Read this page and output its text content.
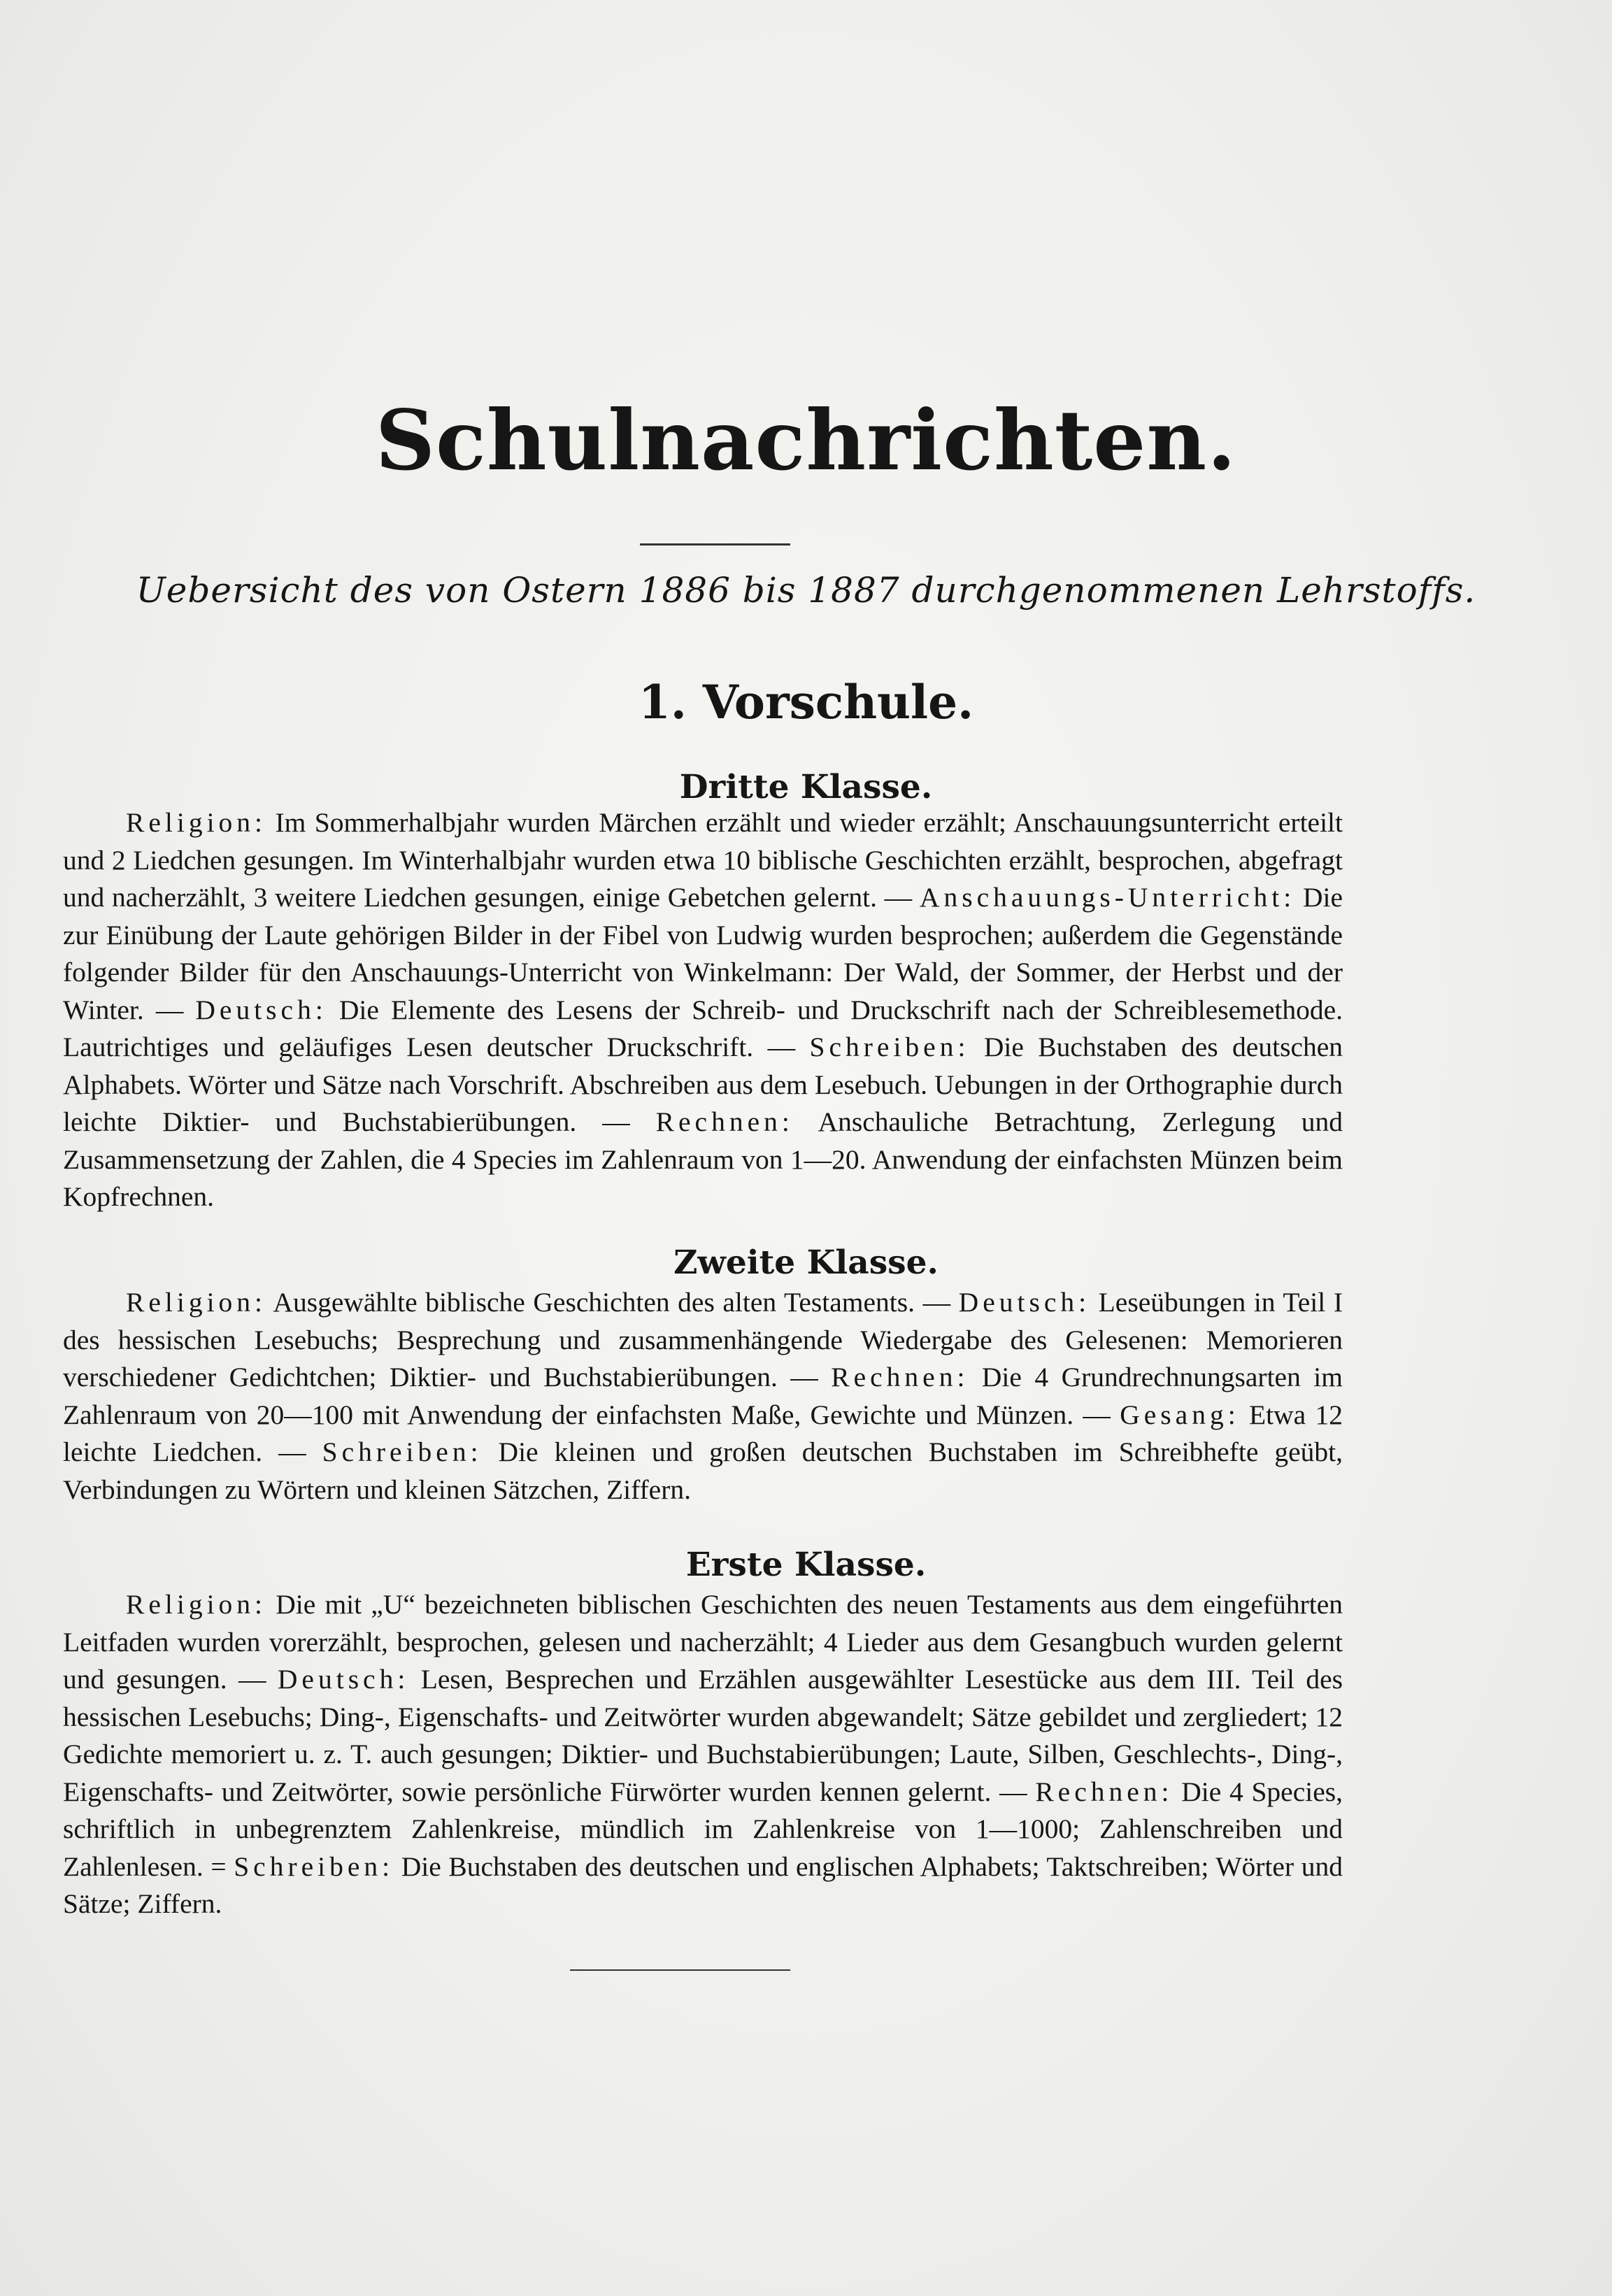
Schulnachrichten.
Uebersicht des von Ostern 1886 bis 1887 durchgenommenen Lehrstoffs.
1. Vorschule.
Dritte Klasse.
Religion: Im Sommerhalbjahr wurden Märchen erzählt und wieder erzählt; Anschauungsunterricht erteilt und 2 Liedchen gesungen. Im Winterhalbjahr wurden etwa 10 biblische Geschichten erzählt, besprochen, abgefragt und nacherzählt, 3 weitere Liedchen gesungen, einige Gebetchen gelernt. — Anschauungs-Unterricht: Die zur Einübung der Laute gehörigen Bilder in der Fibel von Ludwig wurden besprochen; außerdem die Gegenstände folgender Bilder für den Anschauungs-Unterricht von Winkelmann: Der Wald, der Sommer, der Herbst und der Winter. — Deutsch: Die Elemente des Lesens der Schreib- und Druckschrift nach der Schreiblesemethode. Lautrichtiges und geläufiges Lesen deutscher Druckschrift. — Schreiben: Die Buchstaben des deutschen Alphabets. Wörter und Sätze nach Vorschrift. Abschreiben aus dem Lesebuch. Uebungen in der Orthographie durch leichte Diktier- und Buchstabierübungen. — Rechnen: Anschauliche Betrachtung, Zerlegung und Zusammensetzung der Zahlen, die 4 Species im Zahlenraum von 1—20. Anwendung der einfachsten Münzen beim Kopfrechnen.
Zweite Klasse.
Religion: Ausgewählte biblische Geschichten des alten Testaments. — Deutsch: Leseübungen in Teil I des hessischen Lesebuchs; Besprechung und zusammenhängende Wiedergabe des Gelesenen: Memorieren verschiedener Gedichtchen; Diktier- und Buchstabierübungen. — Rechnen: Die 4 Grundrechnungsarten im Zahlenraum von 20—100 mit Anwendung der einfachsten Maße, Gewichte und Münzen. — Gesang: Etwa 12 leichte Liedchen. — Schreiben: Die kleinen und großen deutschen Buchstaben im Schreibhefte geübt, Verbindungen zu Wörtern und kleinen Sätzchen, Ziffern.
Erste Klasse.
Religion: Die mit „U“ bezeichneten biblischen Geschichten des neuen Testaments aus dem eingeführten Leitfaden wurden vorerzählt, besprochen, gelesen und nacherzählt; 4 Lieder aus dem Gesangbuch wurden gelernt und gesungen. — Deutsch: Lesen, Besprechen und Erzählen ausgewählter Lesestücke aus dem III. Teil des hessischen Lesebuchs; Ding-, Eigenschafts- und Zeitwörter wurden abgewandelt; Sätze gebildet und zergliedert; 12 Gedichte memoriert u. z. T. auch gesungen; Diktier- und Buchstabierübungen; Laute, Silben, Geschlechts-, Ding-, Eigenschafts- und Zeitwörter, sowie persönliche Fürwörter wurden kennen gelernt. — Rechnen: Die 4 Species, schriftlich in unbegrenztem Zahlenkreise, mündlich im Zahlenkreise von 1—1000; Zahlenschreiben und Zahlenlesen. = Schreiben: Die Buchstaben des deutschen und englischen Alphabets; Taktschreiben; Wörter und Sätze; Ziffern.
